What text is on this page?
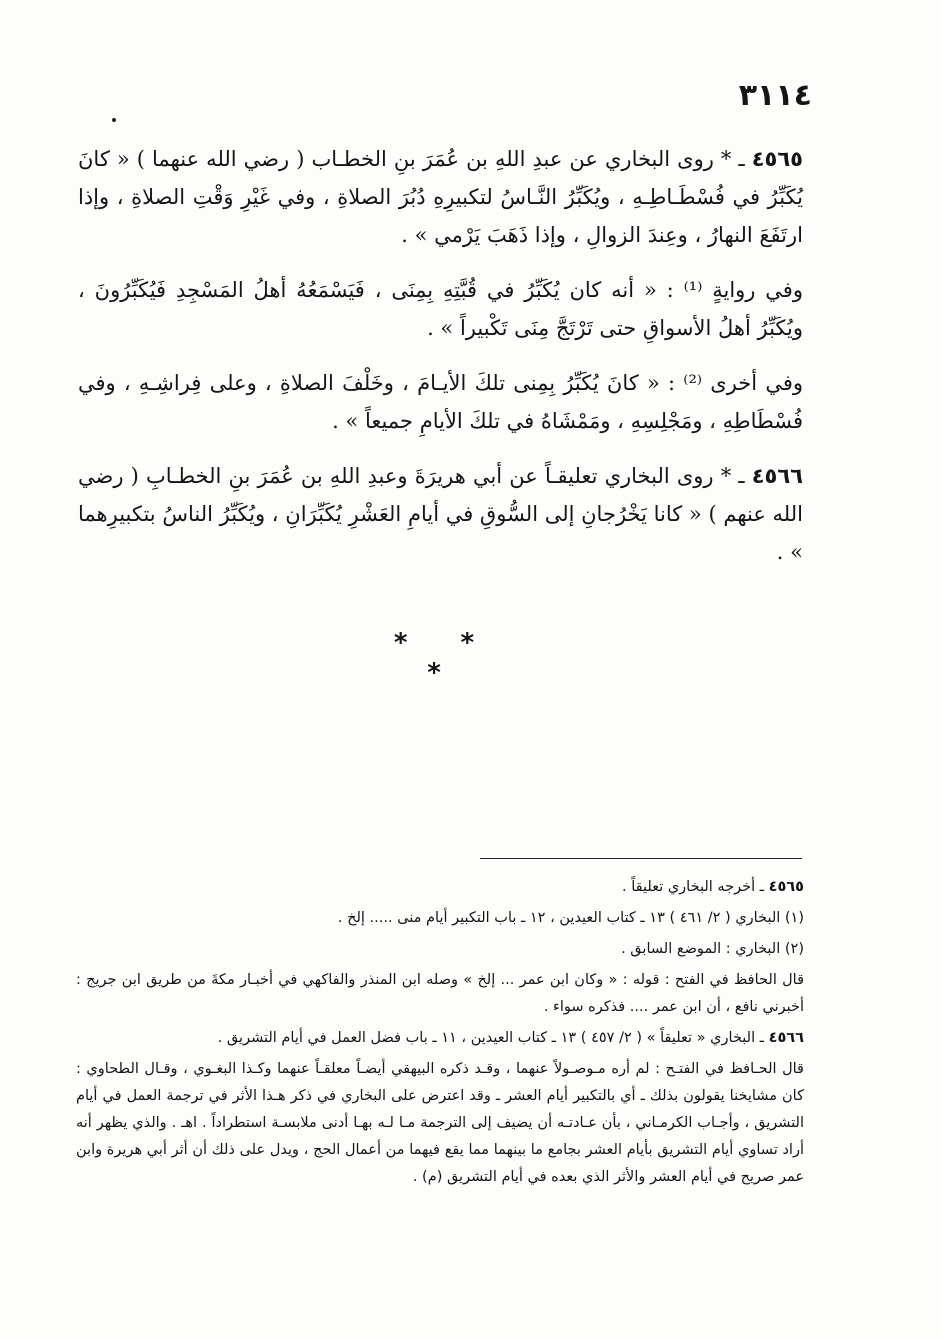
٣١١٤

٤٥٦٥ ـ * روى البخاري عن عبدِ اللهِ بن عُمَرَ بنِ الخطـاب ( رضي الله عنهما ) « كانَ يُكَبِّرُ في فُسْطَـاطِـهِ ، ويُكَبِّرُ النَّـاسُ لتكبيرِهِ دُبُرَ الصلاةِ ، وفي غَيْرِ وَقْتِ الصلاةِ ، وإذا ارتَفَعَ النهارُ ، وعِندَ الزوالِ ، وإذا ذَهَبَ يَرْمي » .

وفي روايةٍ ⁽¹⁾ : « أنه كان يُكَبِّرُ في قُبَّتِهِ بِمِنَى ، فَيَسْمَعُهُ أهلُ المَسْجِدِ فَيُكَبِّرُونَ ، ويُكَبِّرُ أهلُ الأسواقِ حتى تَرْتَجَّ مِنَى تَكْبيراً » .

وفي أخرى ⁽²⁾ : « كانَ يُكَبِّرُ بِمِنى تلكَ الأيـامَ ، وخَلْفَ الصلاةِ ، وعلى فِراشِـهِ ، وفي فُسْطَاطِهِ ، ومَجْلِسِهِ ، ومَمْشَاهُ في تلكَ الأيامِ جميعاً » .

٤٥٦٦ ـ * روى البخاري تعليقـاً عن أبي هريرَةَ وعبدِ اللهِ بن عُمَرَ بنِ الخطـابِ ( رضي الله عنهم ) « كانا يَخْرُجانِ إلى السُّوقِ في أيامِ العَشْرِ يُكَبِّرَانِ ، ويُكَبِّرُ الناسُ بتكبيرِهما » .

* * *

٤٥٦٥ ـ أخرجه البخاري تعليقاً .

(١) البخاري ( ٢/ ٤٦١ ) ١٣ ـ كتاب العيدين ، ١٢ ـ باب التكبير أيام منى ..... إلخ .

(٢) البخاري : الموضع السابق .

قال الحافظ في الفتح : قوله : « وكان ابن عمر ... إلخ » وصله ابن المنذر والفاكهي في أخبـار مكةَ من طريق ابن جريج : أخبرني نافع ، أن ابن عمر .... فذكره سواء .

٤٥٦٦ ـ البخاري « تعليقاً » ( ٢/ ٤٥٧ ) ١٣ ـ كتاب العيدين ، ١١ ـ باب فضل العمل في أيام التشريق .

قال الحـافظ في الفتـح : لم أره مـوصـولاً عنهما ، وقـد ذكره البيهقي أيضـاً معلقـاً عنهما وكـذا البغـوي ، وقـال الطحاوي : كان مشايخنا يقولون بذلك ـ أي بالتكبير أيام العشر ـ وقد اعترض على البخاري في ذكر هـذا الأثر في ترجمة العمل في أيام التشريق ، وأجـاب الكرمـاني ، بأن عـادتـه أن يضيف إلى الترجمة مـا لـه بهـا أدنى ملابسـة استطراداً . اهـ . والذي يظهر أنه أراد تساوي أيام التشريق بأيام العشر بجامع ما بينهما مما يقع فيهما من أعمال الحج ، ويدل على ذلك أن أثر أبي هريرة وابن عمر صريح في أيام العشر والأثر الذي بعده في أيام التشريق (م) .
